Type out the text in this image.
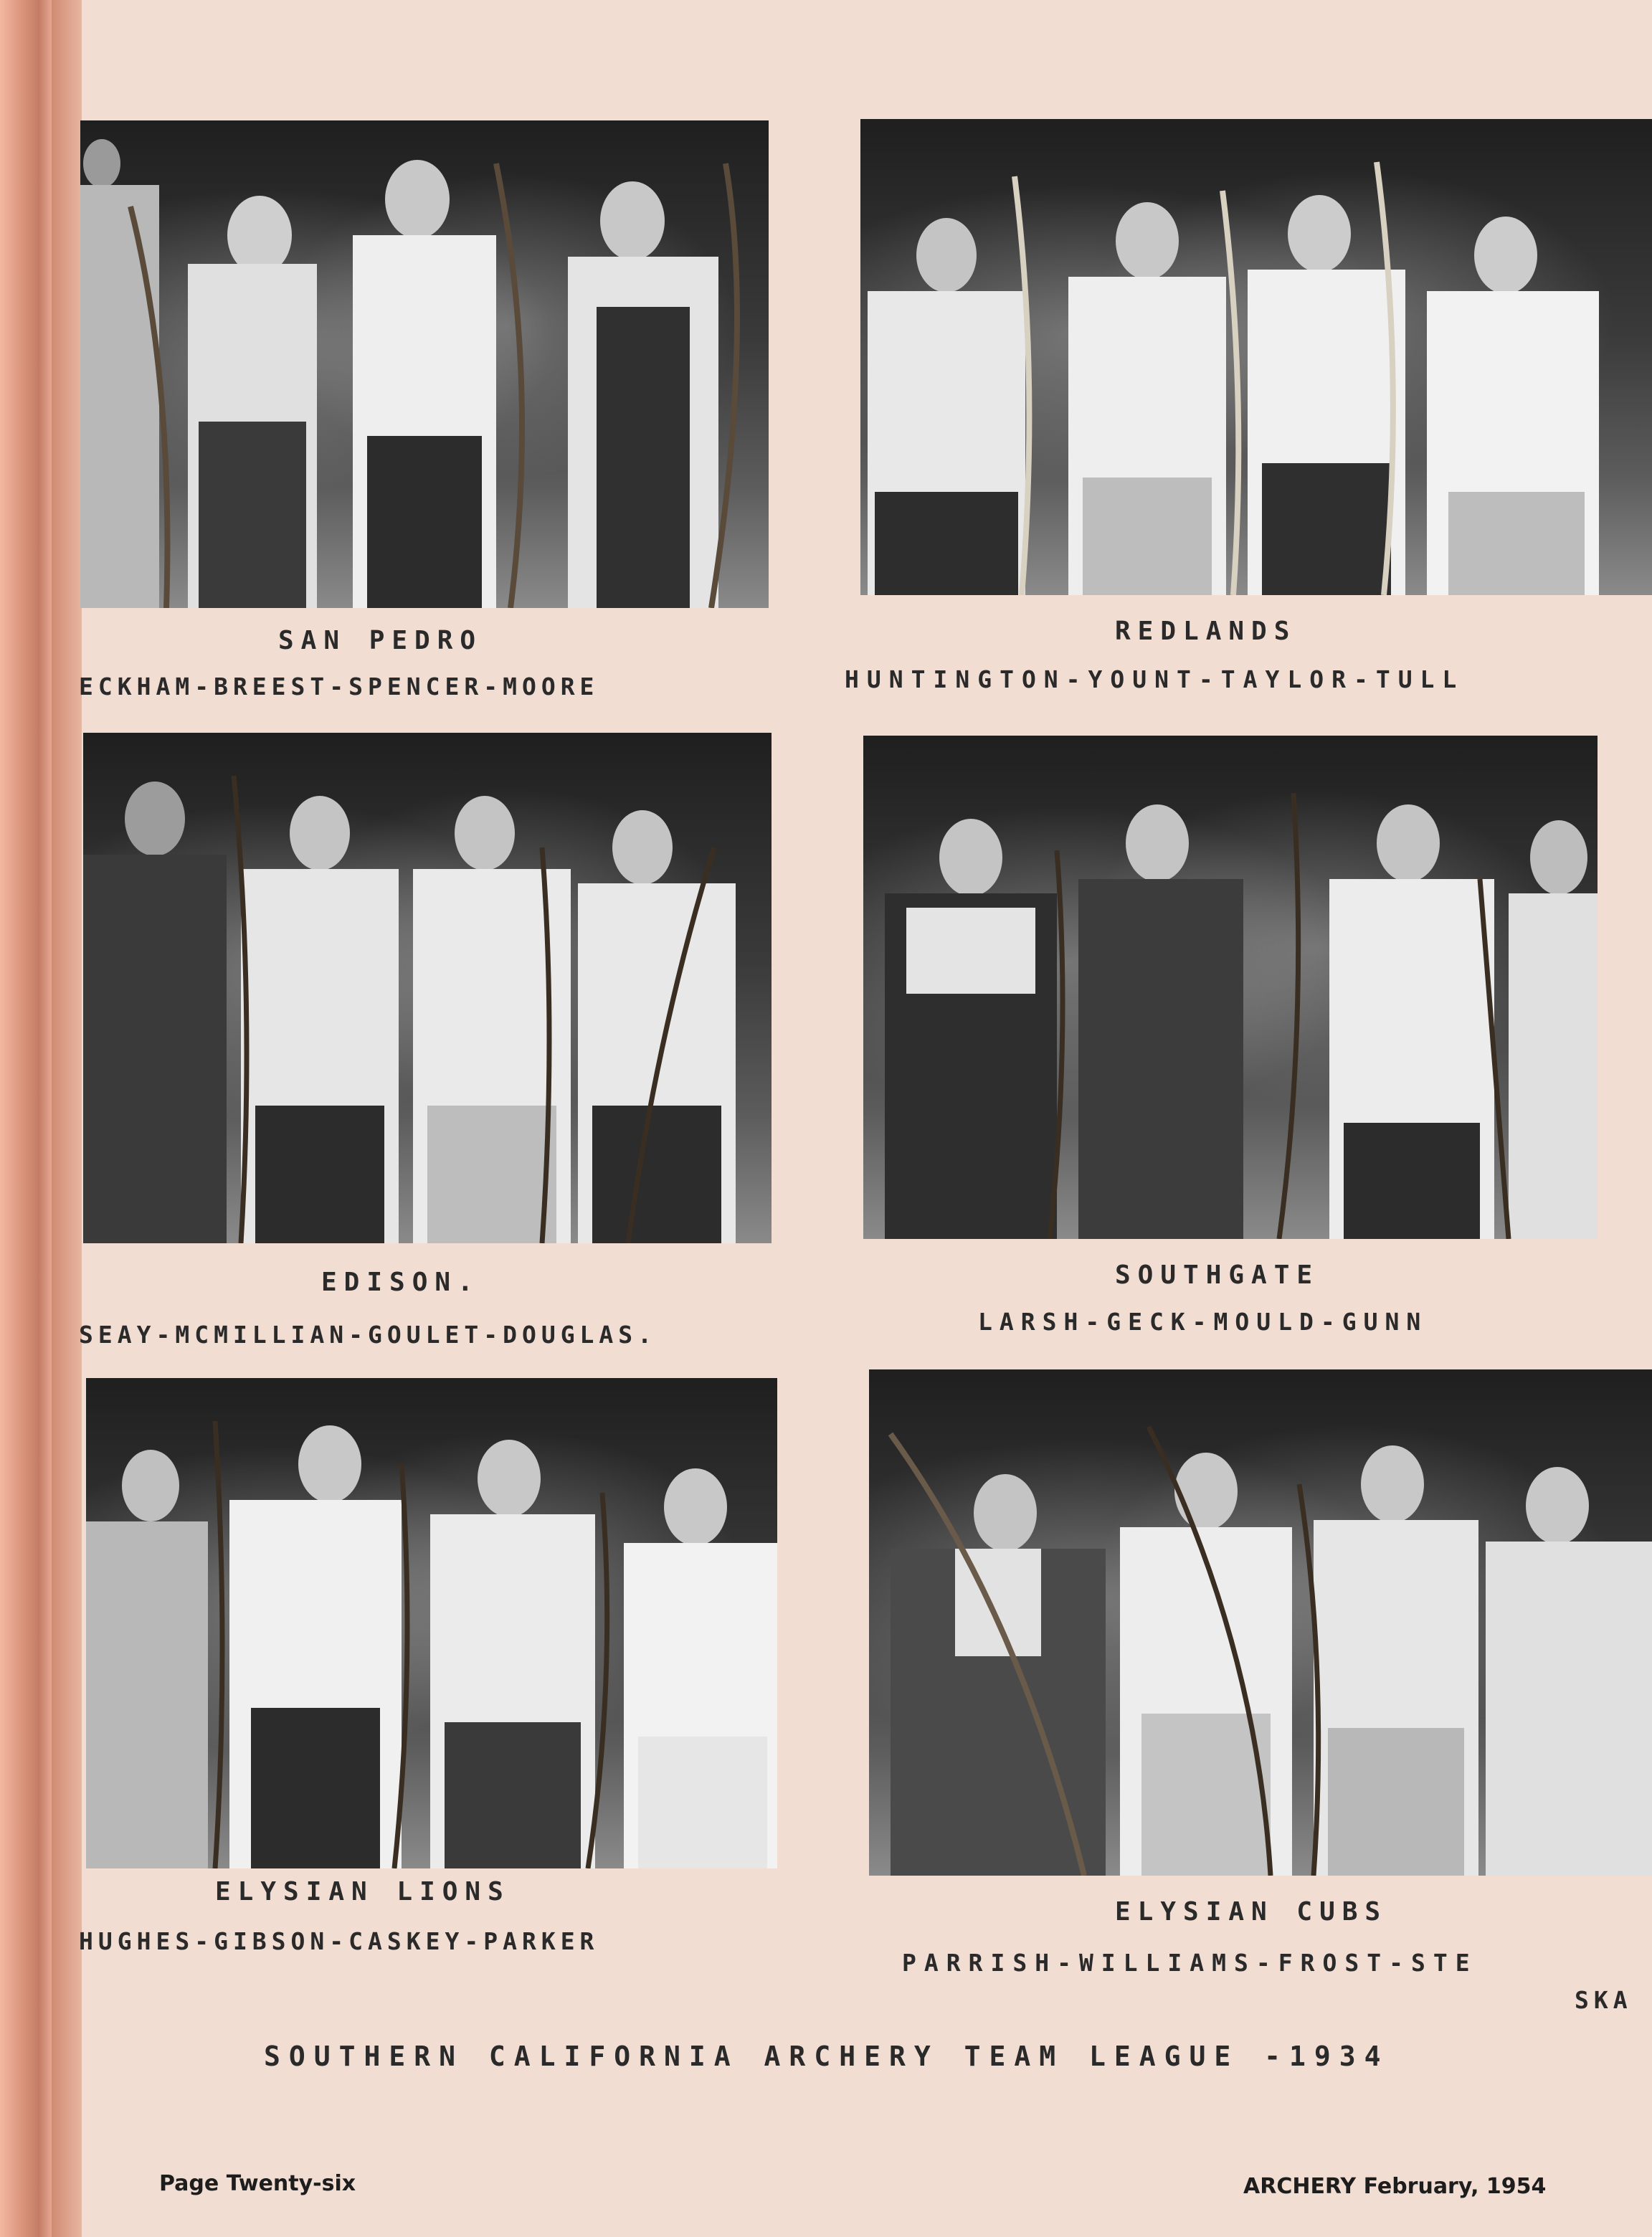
SAN PEDRO
ECKHAM-BREEST-SPENCER-MOORE
REDLANDS
HUNTINGTON-YOUNT-TAYLOR-TULL
EDISON.
SEAY-MCMILLIAN-GOULET-DOUGLAS.
SOUTHGATE
LARSH-GECK-MOULD-GUNN
ELYSIAN LIONS
HUGHES-GIBSON-CASKEY-PARKER
ELYSIAN CUBS
PARRISH-WILLIAMS-FROST-STE
SKA
SOUTHERN CALIFORNIA ARCHERY TEAM LEAGUE -1934
Page Twenty-six	ARCHERY February, 1954
